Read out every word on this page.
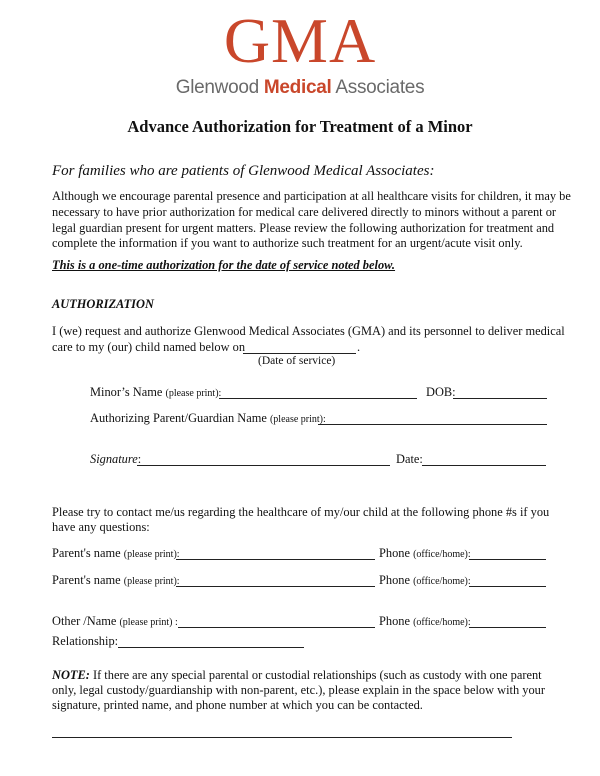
GMA
Glenwood Medical Associates
Advance Authorization for Treatment of a Minor
For families who are patients of Glenwood Medical Associates:
Although we encourage parental presence and participation at all healthcare visits for children, it may be
necessary to have prior authorization for medical care delivered directly to minors without a parent or
legal guardian present for urgent matters. Please review the following authorization for treatment and
complete the information if you want to authorize such treatment for an urgent/acute visit only.
This is a one-time authorization for the date of service noted below.
AUTHORIZATION
I (we) request and authorize Glenwood Medical Associates (GMA) and its personnel to deliver medical
care to my (our) child named below on	.
(Date of service)
Minor’s Name (please print):	DOB:
Authorizing Parent/Guardian Name (please print):
Signature:	Date:
Please try to contact me/us regarding the healthcare of my/our child at the following phone #s if you
have any questions:
Parent's name (please print):	Phone (office/home):
Parent's name (please print):	Phone (office/home):
Other /Name (please print) :	Phone (office/home):
Relationship:
NOTE: If there are any special parental or custodial relationships (such as custody with one parent
only, legal custody/guardianship with non-parent, etc.), please explain in the space below with your
signature, printed name, and phone number at which you can be contacted.
